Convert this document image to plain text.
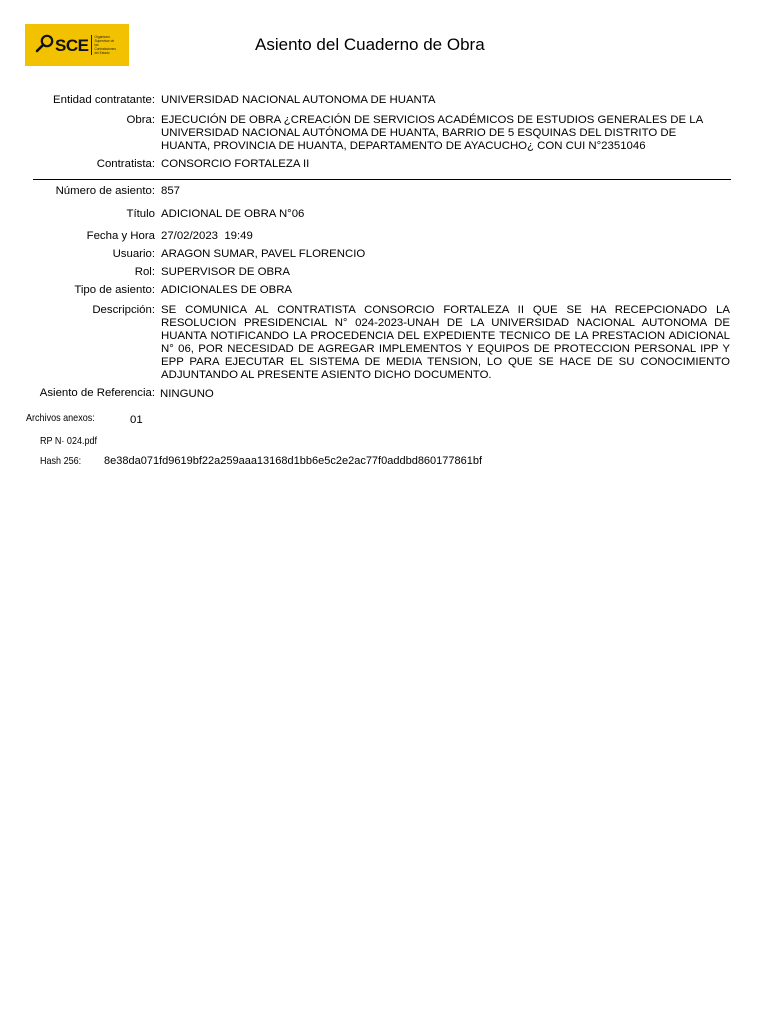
SCE	Organismo Supervisor de las Contrataciones del Estado	Asiento del Cuaderno de Obra
Entidad contratante: UNIVERSIDAD NACIONAL AUTONOMA DE HUANTA
Obra: EJECUCIÓN DE OBRA ¿CREACIÓN DE SERVICIOS ACADÉMICOS DE ESTUDIOS GENERALES DE LA UNIVERSIDAD NACIONAL AUTÓNOMA DE HUANTA, BARRIO DE 5 ESQUINAS DEL DISTRITO DE HUANTA, PROVINCIA DE HUANTA, DEPARTAMENTO DE AYACUCHO¿ CON CUI N°2351046
Contratista: CONSORCIO FORTALEZA II
Número de asiento: 857
Título ADICIONAL DE OBRA N°06
Fecha y Hora 27/02/2023  19:49
Usuario: ARAGON SUMAR, PAVEL FLORENCIO
Rol: SUPERVISOR DE OBRA
Tipo de asiento: ADICIONALES DE OBRA
Descripción: SE COMUNICA AL CONTRATISTA CONSORCIO FORTALEZA II QUE SE HA RECEPCIONADO LA RESOLUCION PRESIDENCIAL N° 024-2023-UNAH DE LA UNIVERSIDAD NACIONAL AUTONOMA DE HUANTA NOTIFICANDO LA PROCEDENCIA DEL EXPEDIENTE TECNICO DE LA PRESTACION ADICIONAL N° 06, POR NECESIDAD DE AGREGAR IMPLEMENTOS Y EQUIPOS DE PROTECCION PERSONAL IPP Y EPP PARA EJECUTAR EL SISTEMA DE MEDIA TENSION, LO QUE SE HACE DE SU CONOCIMIENTO ADJUNTANDO AL PRESENTE ASIENTO DICHO DOCUMENTO.
Asiento de Referencia: NINGUNO
Archivos anexos:	01
RP N· 024.pdf
Hash 256: 8e38da071fd9619bf22a259aaa13168d1bb6e5c2e2ac77f0addbd860177861bf
